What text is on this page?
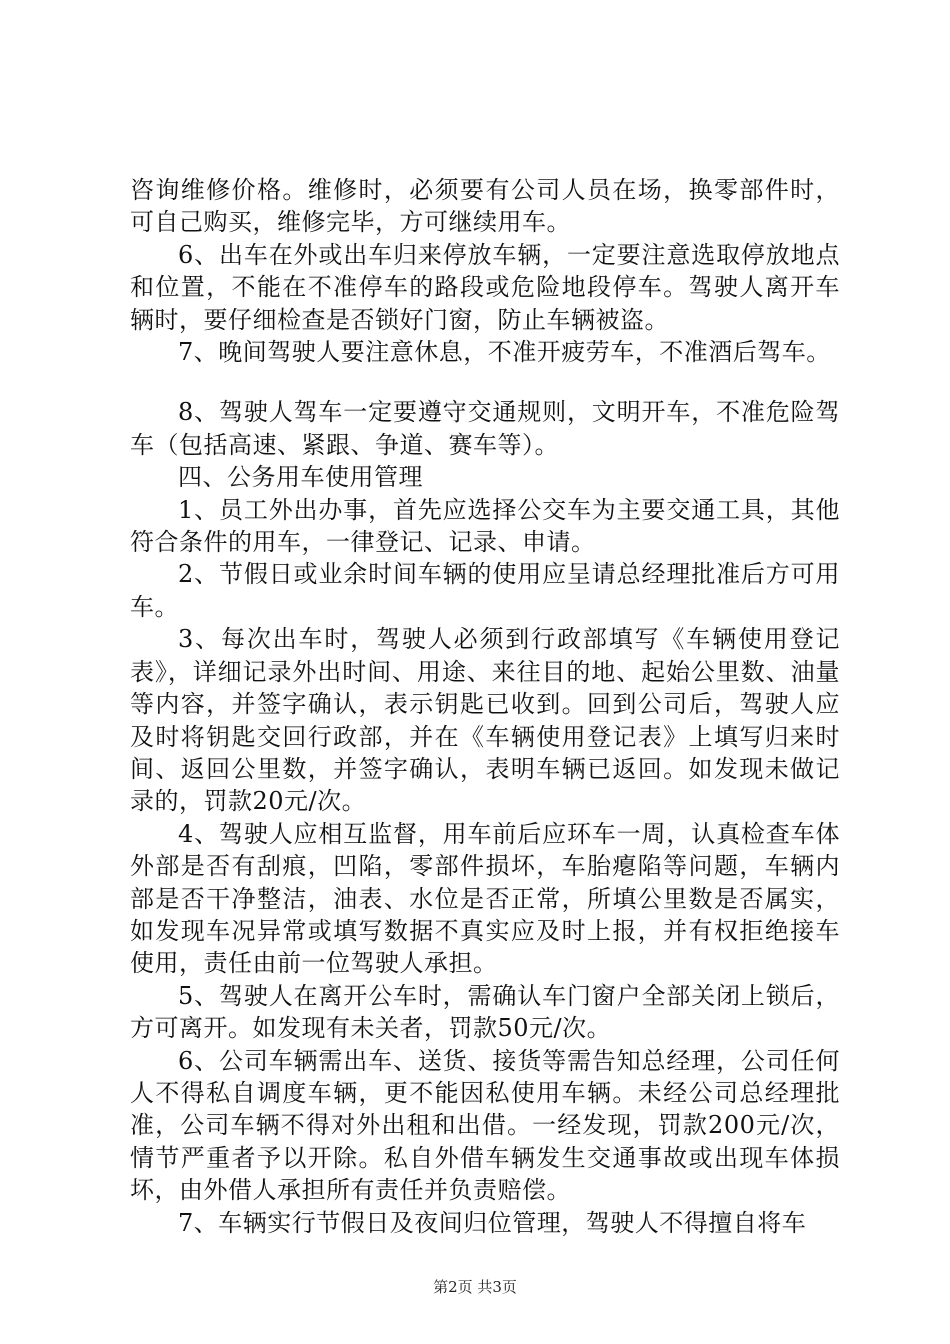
咨询维修价格。维修时，必须要有公司人员在场，换零部件时，可自己购买，维修完毕，方可继续用车。

6、出车在外或出车归来停放车辆，一定要注意选取停放地点和位置，不能在不准停车的路段或危险地段停车。驾驶人离开车辆时，要仔细检查是否锁好门窗，防止车辆被盗。

7、晚间驾驶人要注意休息，不准开疲劳车，不准酒后驾车。

8、驾驶人驾车一定要遵守交通规则，文明开车，不准危险驾车（包括高速、紧跟、争道、赛车等）。

四、公务用车使用管理

1、员工外出办事，首先应选择公交车为主要交通工具，其他符合条件的用车，一律登记、记录、申请。

2、节假日或业余时间车辆的使用应呈请总经理批准后方可用车。

3、每次出车时，驾驶人必须到行政部填写《车辆使用登记表》，详细记录外出时间、用途、来往目的地、起始公里数、油量等内容，并签字确认，表示钥匙已收到。回到公司后，驾驶人应及时将钥匙交回行政部，并在《车辆使用登记表》上填写归来时间、返回公里数，并签字确认，表明车辆已返回。如发现未做记录的，罚款20元/次。

4、驾驶人应相互监督，用车前后应环车一周，认真检查车体外部是否有刮痕，凹陷，零部件损坏，车胎瘪陷等问题，车辆内部是否干净整洁，油表、水位是否正常，所填公里数是否属实，如发现车况异常或填写数据不真实应及时上报，并有权拒绝接车使用，责任由前一位驾驶人承担。

5、驾驶人在离开公车时，需确认车门窗户全部关闭上锁后，方可离开。如发现有未关者，罚款50元/次。

6、公司车辆需出车、送货、接货等需告知总经理，公司任何人不得私自调度车辆，更不能因私使用车辆。未经公司总经理批准，公司车辆不得对外出租和出借。一经发现，罚款200元/次，情节严重者予以开除。私自外借车辆发生交通事故或出现车体损坏，由外借人承担所有责任并负责赔偿。

7、车辆实行节假日及夜间归位管理，驾驶人不得擅自将车

第2页 共3页
